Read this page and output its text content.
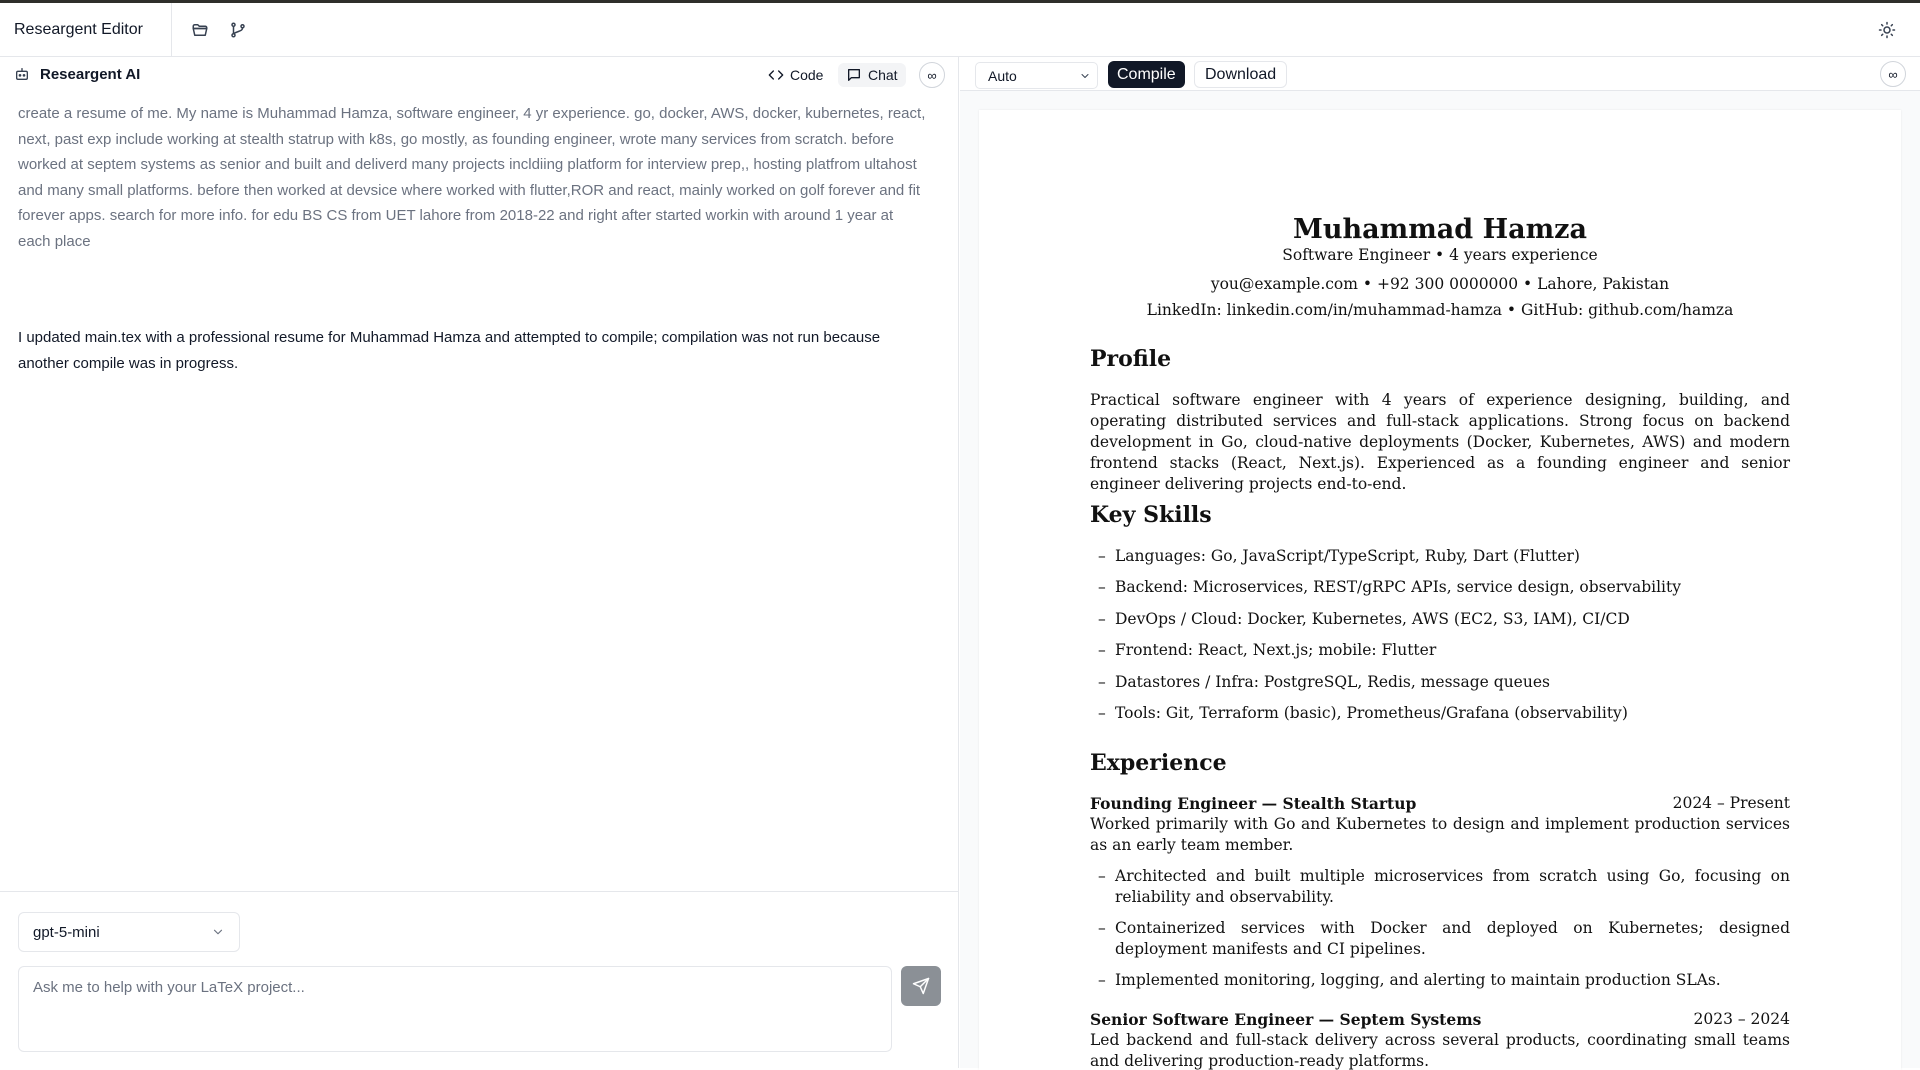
Researgent Editor
Researgent AI	Code	Chat	∞
create a resume of me. My name is Muhammad Hamza, software engineer, 4 yr experience. go, docker, AWS, docker, kubernetes, react, next, past exp include working at stealth statrup with k8s, go mostly, as founding engineer, wrote many services from scratch. before worked at septem systems as senior and built and deliverd many projects incldiing platform for interview prep,, hosting platfrom ultahost and many small platforms. before then worked at devsice where worked with flutter,ROR and react, mainly worked on golf forever and fit forever apps. search for more info. for edu BS CS from UET lahore from 2018-22 and right after started workin with around 1 year at each place
I updated main.tex with a professional resume for Muhammad Hamza and attempted to compile; compilation was not run because another compile was in progress.
gpt-5-mini
Ask me to help with your LaTeX project...
Auto	Compile	Download	∞
Muhammad Hamza
Software Engineer • 4 years experience
you@example.com • +92 300 0000000 • Lahore, Pakistan
LinkedIn: linkedin.com/in/muhammad-hamza • GitHub: github.com/hamza
Profile
Practical software engineer with 4 years of experience designing, building, and operating distributed services and full-stack applications. Strong focus on backend development in Go, cloud-native deployments (Docker, Kubernetes, AWS) and modern frontend stacks (React, Next.js). Experienced as a founding engineer and senior engineer delivering projects end-to-end.
Key Skills
– Languages: Go, JavaScript/TypeScript, Ruby, Dart (Flutter)
– Backend: Microservices, REST/gRPC APIs, service design, observability
– DevOps / Cloud: Docker, Kubernetes, AWS (EC2, S3, IAM), CI/CD
– Frontend: React, Next.js; mobile: Flutter
– Datastores / Infra: PostgreSQL, Redis, message queues
– Tools: Git, Terraform (basic), Prometheus/Grafana (observability)
Experience
Founding Engineer — Stealth Startup	2024 – Present
Worked primarily with Go and Kubernetes to design and implement production services as an early team member.
– Architected and built multiple microservices from scratch using Go, focusing on reliability and observability.
– Containerized services with Docker and deployed on Kubernetes; designed deployment manifests and CI pipelines.
– Implemented monitoring, logging, and alerting to maintain production SLAs.
Senior Software Engineer — Septem Systems	2023 – 2024
Led backend and full-stack delivery across several products, coordinating small teams and delivering production-ready platforms.
